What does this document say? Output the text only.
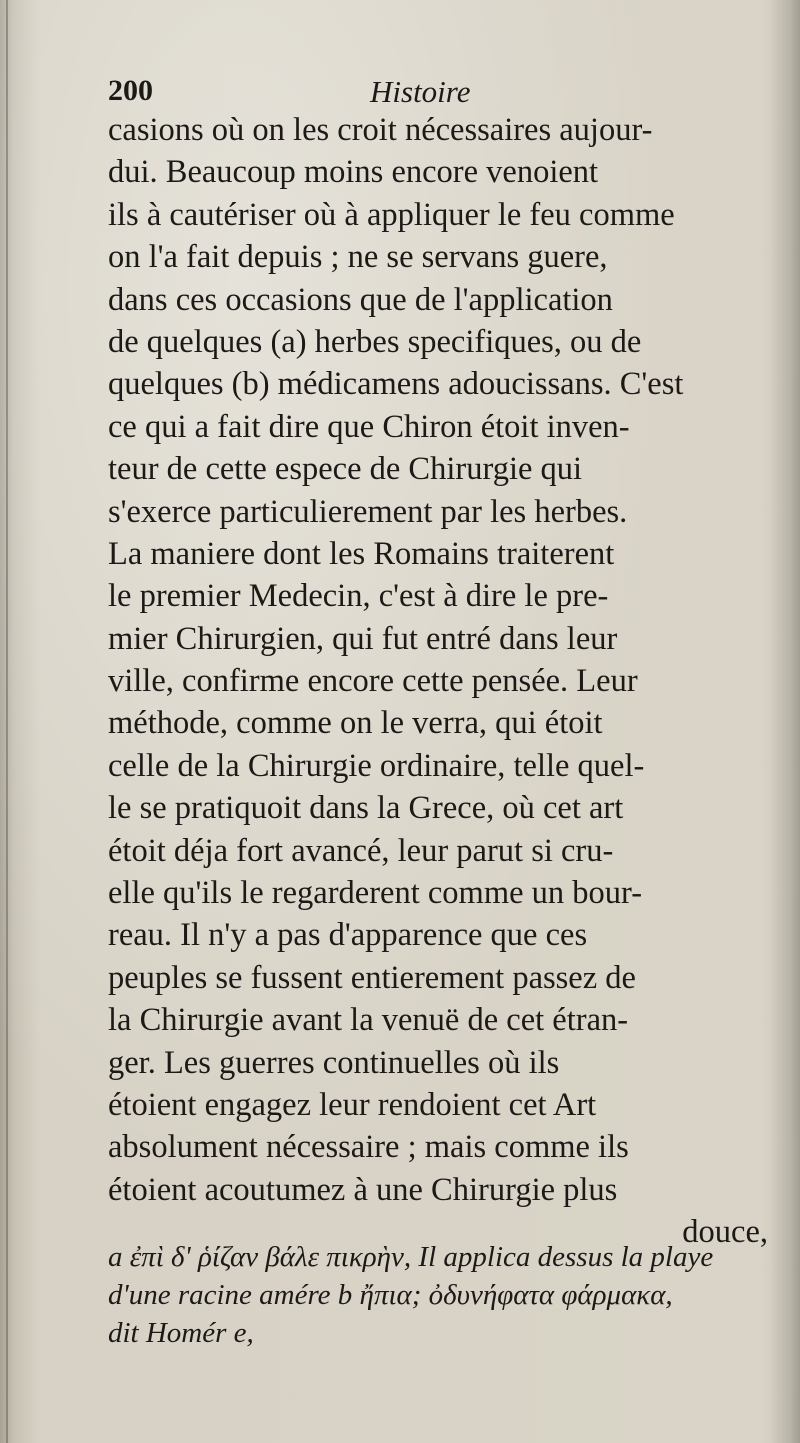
200	Histoire
casions où on les croit nécessaires aujour-
dui. Beaucoup moins encore venoient
ils à cautériser où à appliquer le feu comme
on l'a fait depuis ; ne se servans guere,
dans ces occasions que de l'application
de quelques (a) herbes specifiques, ou de
quelques (b) médicamens adoucissans. C'est
ce qui a fait dire que Chiron étoit inven-
teur de cette espece de Chirurgie qui
s'exerce particulierement par les herbes.
La maniere dont les Romains traiterent
le premier Medecin, c'est à dire le pre-
mier Chirurgien, qui fut entré dans leur
ville, confirme encore cette pensée. Leur
méthode, comme on le verra, qui étoit
celle de la Chirurgie ordinaire, telle quel-
le se pratiquoit dans la Grece, où cet art
étoit déja fort avancé, leur parut si cru-
elle qu'ils le regarderent comme un bour-
reau. Il n'y a pas d'apparence que ces
peuples se fussent entierement passez de
la Chirurgie avant la venuë de cet étran-
ger. Les guerres continuelles où ils
étoient engagez leur rendoient cet Art
absolument nécessaire ; mais comme ils
étoient acoutumez à une Chirurgie plus
douce,
a ἐπὶ δ' ῥίζαν βάλε πικρὴν, Il applica dessus la playe
d'une racine amére b ἤπια; ὀδυνήφατα φάρμακα,
dit Homér e,
